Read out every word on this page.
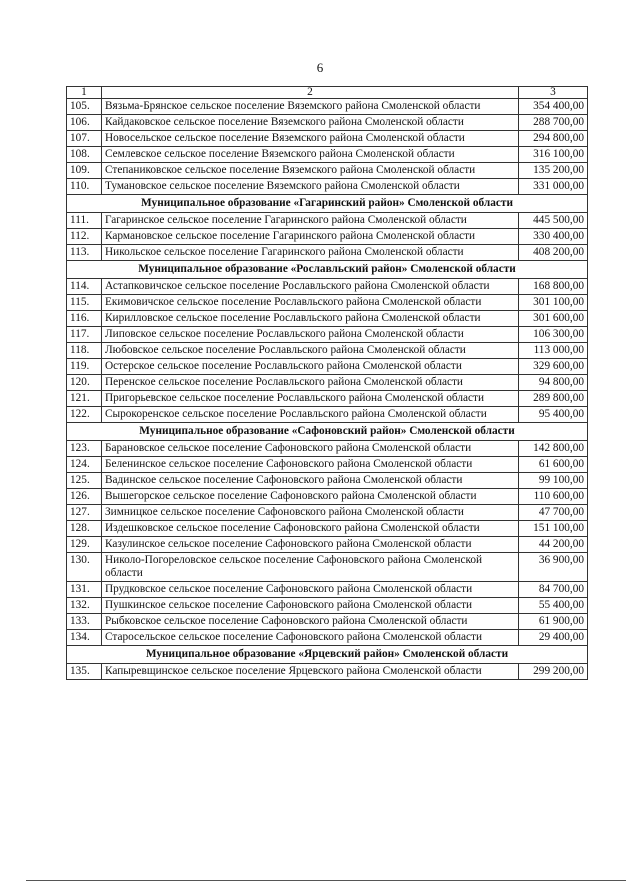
6
1	2	3
105.	Вязьма-Брянское сельское поселение Вяземского района Смоленской области	354 400,00
106.	Кайдаковское сельское поселение Вяземского района Смоленской области	288 700,00
107.	Новосельское сельское поселение Вяземского района Смоленской области	294 800,00
108.	Семлевское сельское поселение Вяземского района Смоленской области	316 100,00
109.	Степаниковское сельское поселение Вяземского района Смоленской области	135 200,00
110.	Тумановское сельское поселение Вяземского района Смоленской области	331 000,00
Муниципальное образование «Гагаринский район» Смоленской области		
111.	Гагаринское сельское поселение Гагаринского района Смоленской области	445 500,00
112.	Кармановское сельское поселение Гагаринского района Смоленской области	330 400,00
113.	Никольское сельское поселение Гагаринского района Смоленской области	408 200,00
Муниципальное образование «Рославльский район» Смоленской области		
114.	Астапковичское сельское поселение Рославльского района Смоленской области	168 800,00
115.	Екимовичское сельское поселение Рославльского района Смоленской области	301 100,00
116.	Кирилловское сельское поселение Рославльского района Смоленской области	301 600,00
117.	Липовское сельское поселение Рославльского района Смоленской области	106 300,00
118.	Любовское сельское поселение Рославльского района Смоленской области	113 000,00
119.	Остерское сельское поселение Рославльского района Смоленской области	329 600,00
120.	Перенское сельское поселение Рославльского района Смоленской области	94 800,00
121.	Пригорьевское сельское поселение Рославльского района Смоленской области	289 800,00
122.	Сырокоренское сельское поселение Рославльского района Смоленской области	95 400,00
Муниципальное образование «Сафоновский район» Смоленской области		
123.	Барановское сельское поселение Сафоновского района Смоленской области	142 800,00
124.	Беленинское сельское поселение Сафоновского района Смоленской области	61 600,00
125.	Вадинское сельское поселение Сафоновского района Смоленской области	99 100,00
126.	Вышегорское сельское поселение Сафоновского района Смоленской области	110 600,00
127.	Зимницкое сельское поселение Сафоновского района Смоленской области	47 700,00
128.	Издешковское сельское поселение Сафоновского района Смоленской области	151 100,00
129.	Казулинское сельское поселение Сафоновского района Смоленской области	44 200,00
130.	Николо-Погореловское сельское поселение Сафоновского района Смоленской области	36 900,00
131.	Прудковское сельское поселение Сафоновского района Смоленской области	84 700,00
132.	Пушкинское сельское поселение Сафоновского района Смоленской области	55 400,00
133.	Рыбковское сельское поселение Сафоновского района Смоленской области	61 900,00
134.	Старосельское сельское поселение Сафоновского района Смоленской области	29 400,00
Муниципальное образование «Ярцевский район» Смоленской области		
135.	Капыревщинское сельское поселение Ярцевского района Смоленской области	299 200,00
